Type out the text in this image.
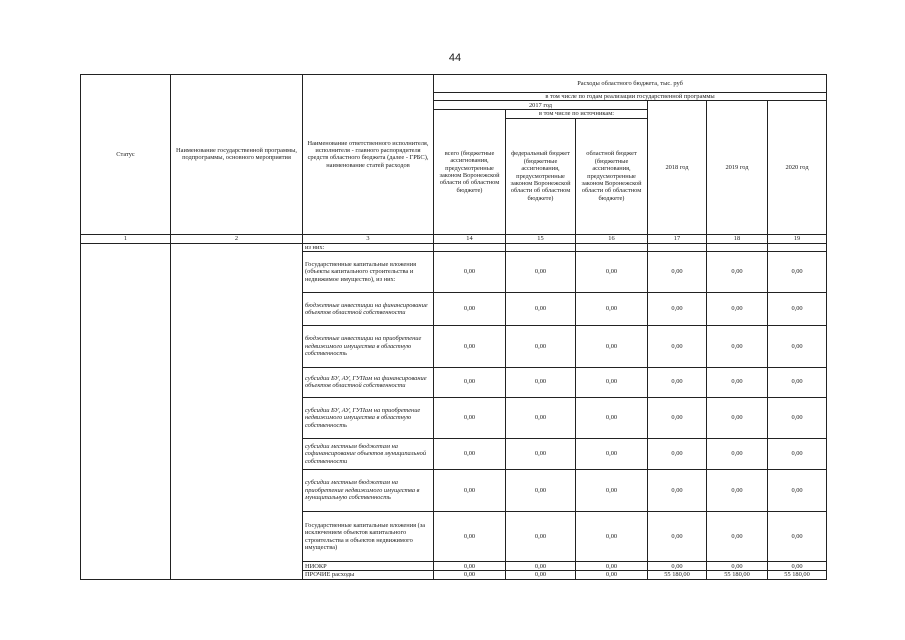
44
Статус	Наименование государственной программы, подпрограммы, основного мероприятия	Наименование ответственного исполнителя, исполнителя - главного распорядителя средств областного бюджета (далее - ГРБС), наименование статей расходов	Расходы областного бюджета, тыс. руб					
			в том числе по годам реализации государственной программы					
			2017 год			2018 год	2019 год	2020 год
			всего (бюджетные ассигнования, предусмотренные законом Воронежской области об областном бюджете)	в том числе по источникам:				
				федеральный бюджет (бюджетные ассигнования, предусмотренные законом Воронежской области об областном бюджете)	областной бюджет (бюджетные ассигнования, предусмотренные законом Воронежской области об областном бюджете)			
1	2	3	14	15	16	17	18	19
		из них:						
		Государственные капитальные вложения (объекты капитального строительства и недвижимое имущество), из них:	0,00	0,00	0,00	0,00	0,00	0,00
		бюджетные инвестиции на финансирование объектов областной собственности	0,00	0,00	0,00	0,00	0,00	0,00
		бюджетные инвестиции на приобретение недвижимого имущества в областную собственность	0,00	0,00	0,00	0,00	0,00	0,00
		субсидии БУ, АУ, ГУПам на финансирование объектов областной собственности	0,00	0,00	0,00	0,00	0,00	0,00
		субсидии БУ, АУ, ГУПам на приобретение недвижимого имущества в областную собственность	0,00	0,00	0,00	0,00	0,00	0,00
		субсидии местным бюджетам на софинансирование объектов муниципальной собственности	0,00	0,00	0,00	0,00	0,00	0,00
		субсидии местным бюджетам на приобретение недвижимого имущества в муниципальную собственность	0,00	0,00	0,00	0,00	0,00	0,00
		Государственные капитальные вложения (за исключением объектов капитального строительства и объектов недвижимого имущества)	0,00	0,00	0,00	0,00	0,00	0,00
		НИОКР	0,00	0,00	0,00	0,00	0,00	0,00
		ПРОЧИЕ расходы	0,00	0,00	0,00	55 180,00	55 180,00	55 180,00
